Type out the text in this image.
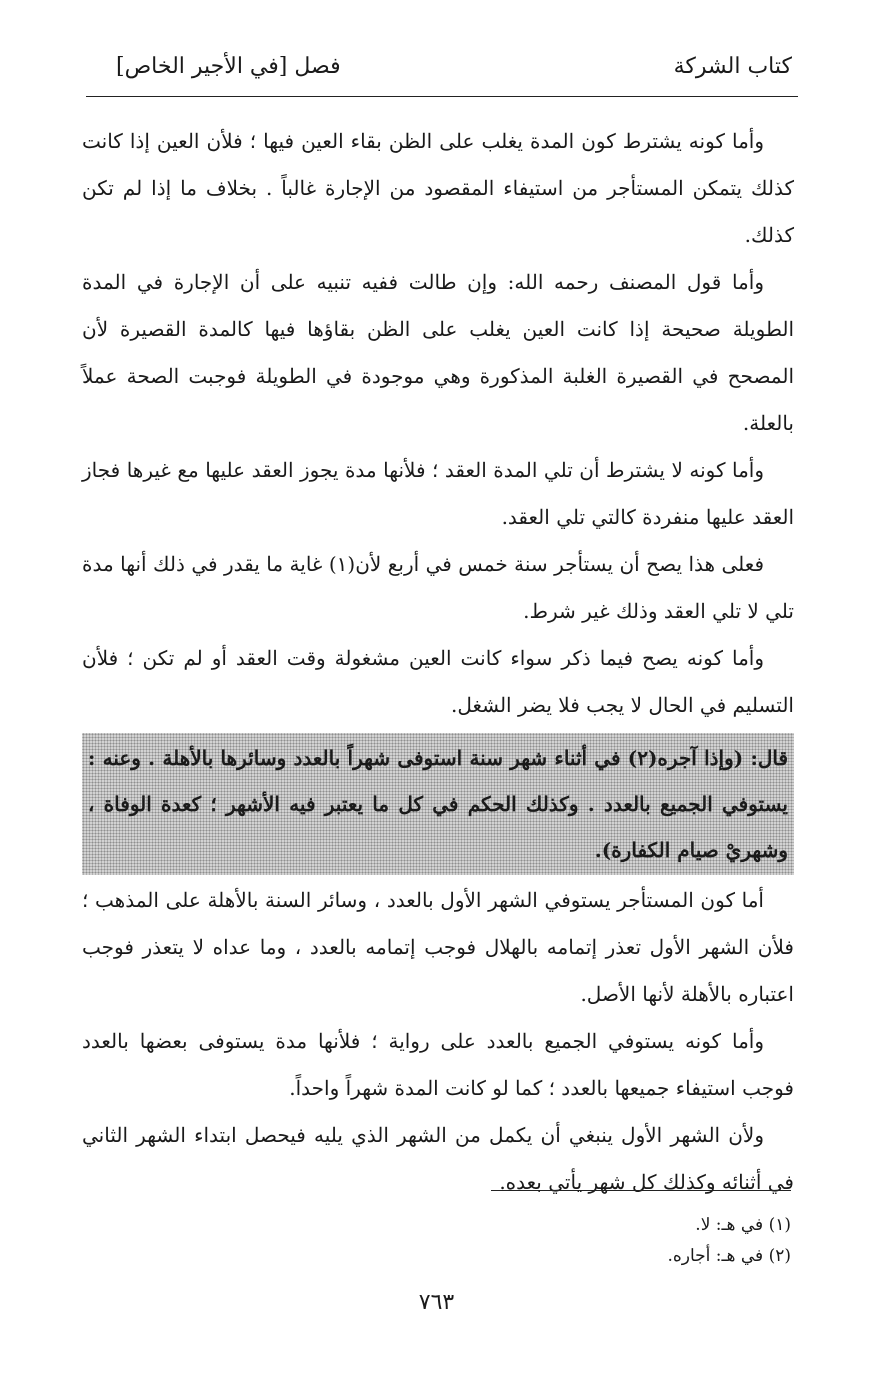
كتاب الشركة
فصل [في الأجير الخاص]

وأما كونه يشترط كون المدة يغلب على الظن بقاء العين فيها ؛ فلأن العين إذا كانت كذلك يتمكن المستأجر من استيفاء المقصود من الإجارة غالباً . بخلاف ما إذا لم تكن كذلك.

وأما قول المصنف رحمه الله: وإن طالت ففيه تنبيه على أن الإجارة في المدة الطويلة صحيحة إذا كانت العين يغلب على الظن بقاؤها فيها كالمدة القصيرة لأن المصحح في القصيرة الغلبة المذكورة وهي موجودة في الطويلة فوجبت الصحة عملاً بالعلة.

وأما كونه لا يشترط أن تلي المدة العقد ؛ فلأنها مدة يجوز العقد عليها مع غيرها فجاز العقد عليها منفردة كالتي تلي العقد.

فعلى هذا يصح أن يستأجر سنة خمس في أربع لأن(١) غاية ما يقدر في ذلك أنها مدة تلي لا تلي العقد وذلك غير شرط.

وأما كونه يصح فيما ذكر سواء كانت العين مشغولة وقت العقد أو لم تكن ؛ فلأن التسليم في الحال لا يجب فلا يضر الشغل.

قال: (وإذا آجره(٢) في أثناء شهر سنة استوفى شهراً بالعدد وسائرها بالأهلة . وعنه : يستوفي الجميع بالعدد . وكذلك الحكم في كل ما يعتبر فيه الأشهر ؛ كعدة الوفاة ، وشهريْ صيام الكفارة).

أما كون المستأجر يستوفي الشهر الأول بالعدد ، وسائر السنة بالأهلة على المذهب ؛ فلأن الشهر الأول تعذر إتمامه بالهلال فوجب إتمامه بالعدد ، وما عداه لا يتعذر فوجب اعتباره بالأهلة لأنها الأصل.

وأما كونه يستوفي الجميع بالعدد على رواية ؛ فلأنها مدة يستوفى بعضها بالعدد فوجب استيفاء جميعها بالعدد ؛ كما لو كانت المدة شهراً واحداً.

ولأن الشهر الأول ينبغي أن يكمل من الشهر الذي يليه فيحصل ابتداء الشهر الثاني في أثنائه وكذلك كل شهر يأتي بعده.

(١) في هـ: لا.

(٢) في هـ: أجاره.

٧٦٣
